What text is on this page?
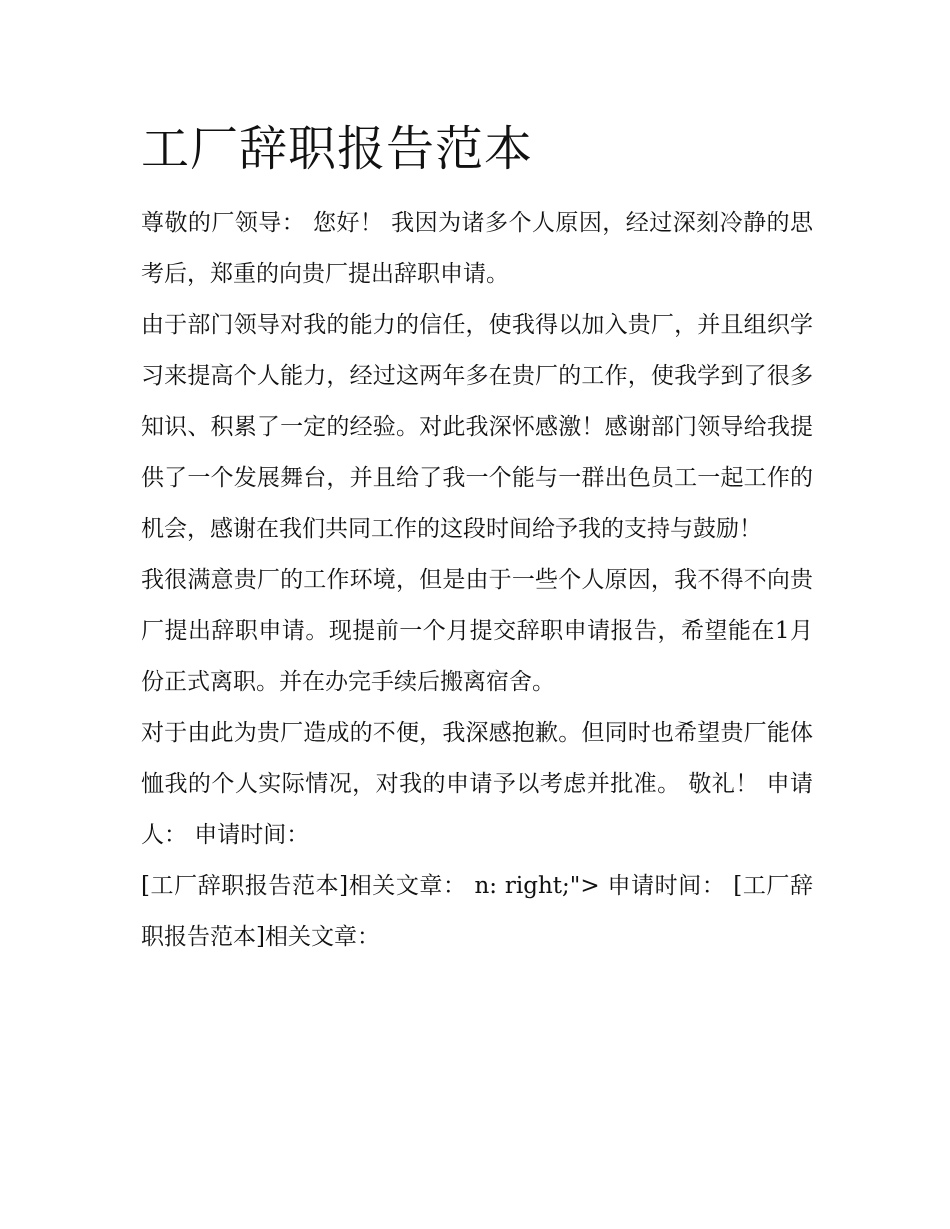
工厂辞职报告范本

尊敬的厂领导： 您好！ 我因为诸多个人原因，经过深刻冷静的思考后，郑重的向贵厂提出辞职申请。

由于部门领导对我的能力的信任，使我得以加入贵厂，并且组织学习来提高个人能力，经过这两年多在贵厂的工作，使我学到了很多知识、积累了一定的经验。对此我深怀感激！感谢部门领导给我提供了一个发展舞台，并且给了我一个能与一群出色员工一起工作的机会，感谢在我们共同工作的这段时间给予我的支持与鼓励！

我很满意贵厂的工作环境，但是由于一些个人原因，我不得不向贵厂提出辞职申请。现提前一个月提交辞职申请报告，希望能在1月份正式离职。并在办完手续后搬离宿舍。

对于由此为贵厂造成的不便，我深感抱歉。但同时也希望贵厂能体恤我的个人实际情况，对我的申请予以考虑并批准。 敬礼！ 申请人： 申请时间：

[工厂辞职报告范本]相关文章： n: right;"> 申请时间： [工厂辞职报告范本]相关文章：
